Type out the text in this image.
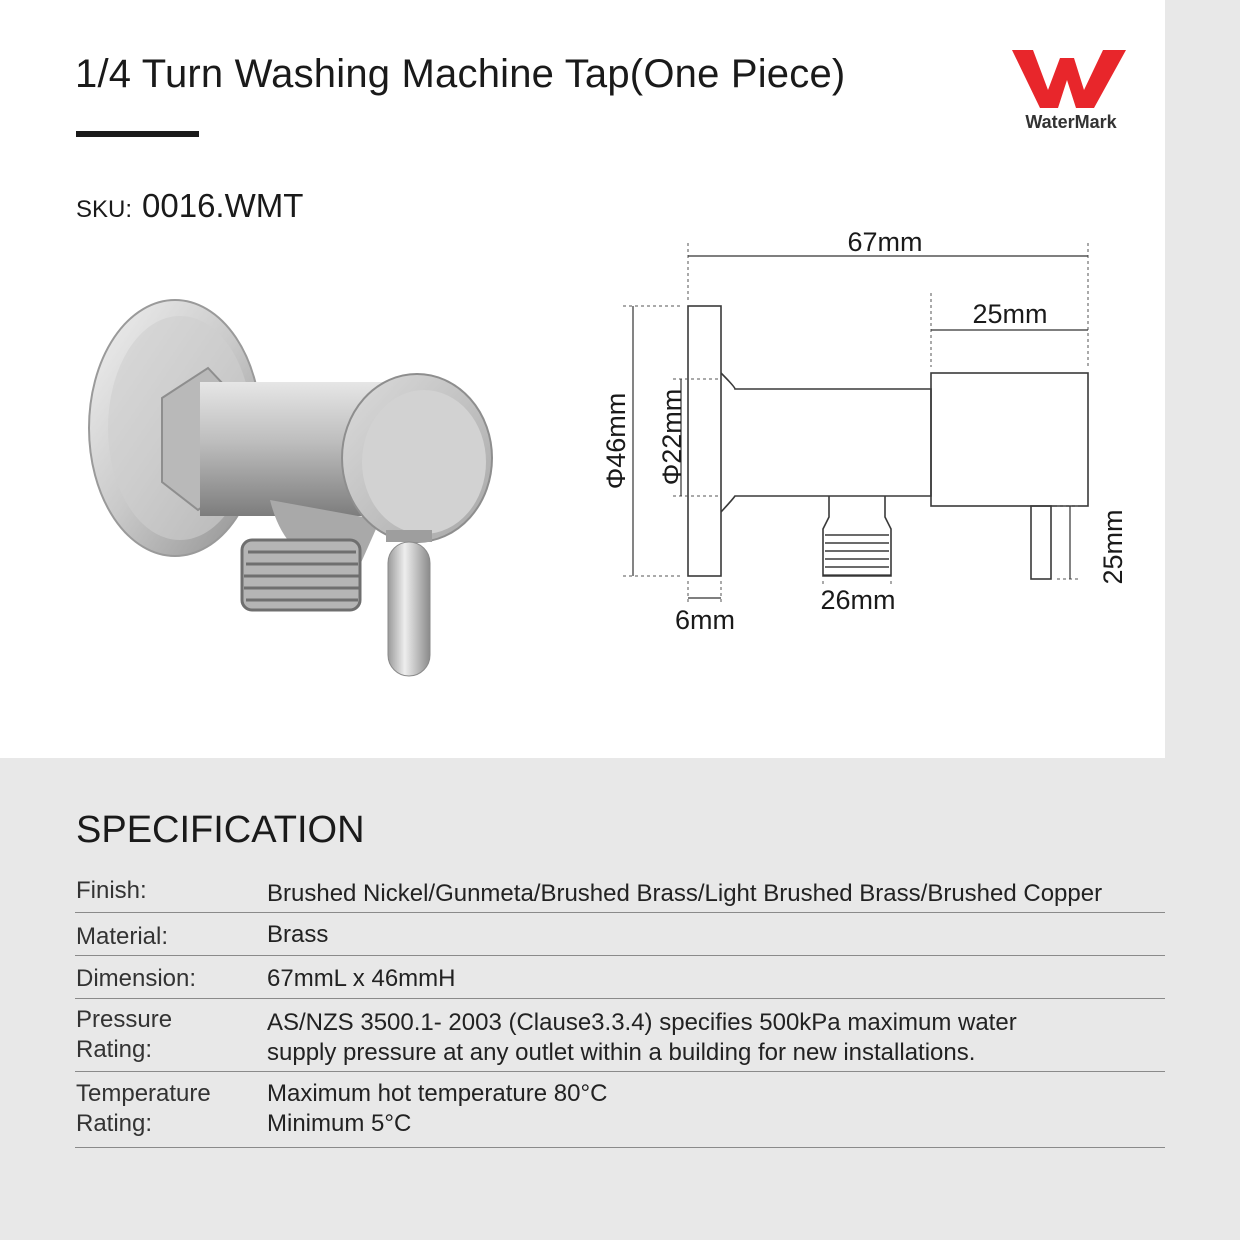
1/4 Turn Washing Machine Tap(One Piece)
SKU: 0016.WMT
WaterMark
67mm
25mm
Φ46mm Φ22mm
6mm
26mm
25mm
SPECIFICATION
Finish:	Brushed Nickel/Gunmeta/Brushed Brass/Light Brushed Brass/Brushed Copper
Material:	Brass
Dimension:	67mmL x 46mmH
Pressure
Rating:
AS/NZS 3500.1- 2003 (Clause3.3.4) specifies 500kPa maximum water
supply pressure at any outlet within a building for new installations.
Temperature
Rating:
Maximum hot temperature 80°C
Minimum 5°C
